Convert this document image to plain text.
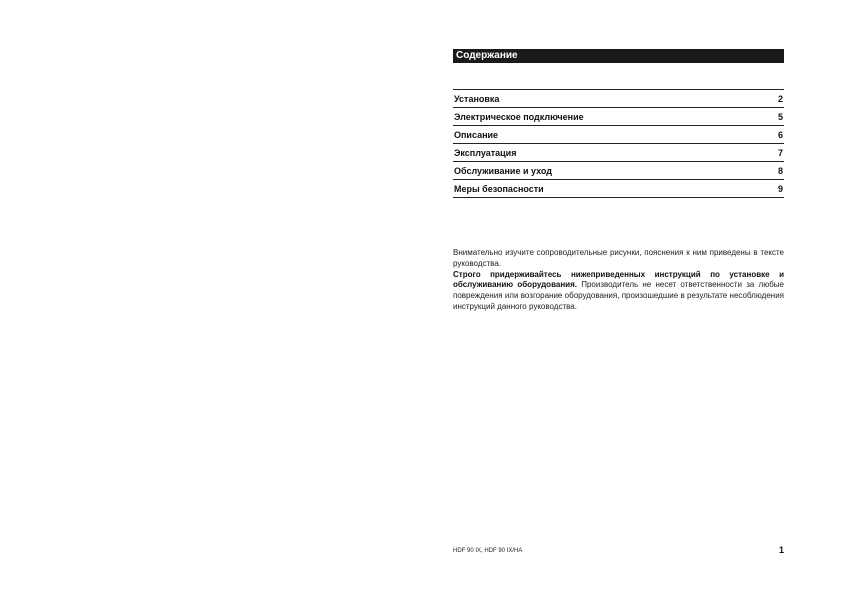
Содержание
Установка	2
Электрическое подключение	5
Описание	6
Эксплуатация	7
Обслуживание и уход	8
Меры безопасности	9
Внимательно изучите сопроводительные рисунки, пояснения к ним приведены в тексте руководства.
Строго придерживайтесь нижеприведенных инструкций по установке и обслуживанию оборудования. Производитель не несет ответственности за любые повреждения или возгорание оборудования, произошедшие в результате несоблюдения инструкций данного руководства.
HDF 90 IX, HDF 90 IX/HA	1
